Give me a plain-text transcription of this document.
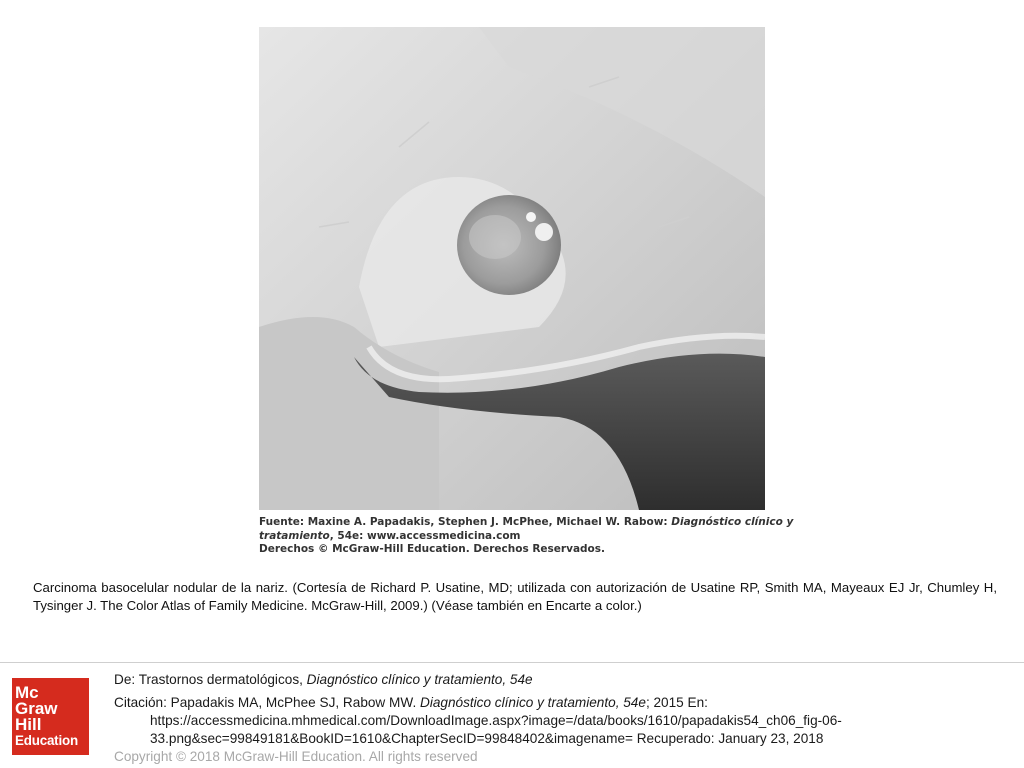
Fuente: Maxine A. Papadakis, Stephen J. McPhee, Michael W. Rabow: Diagnóstico clínico y
tratamiento, 54e: www.accessmedicina.com
Derechos © McGraw-Hill Education. Derechos Reservados.
Carcinoma basocelular nodular de la nariz. (Cortesía de Richard P. Usatine, MD; utilizada con autorización de Usatine RP, Smith MA, Mayeaux EJ Jr, Chumley H, Tysinger J. The Color Atlas of Family Medicine. McGraw-Hill, 2009.) (Véase también en Encarte a color.)
Mc
Graw
Hill
Education
De: Trastornos dermatológicos, Diagnóstico clínico y tratamiento, 54e
Citación: Papadakis MA, McPhee SJ, Rabow MW. Diagnóstico clínico y tratamiento, 54e; 2015 En:
https://accessmedicina.mhmedical.com/DownloadImage.aspx?image=/data/books/1610/papadakis54_ch06_fig-06-
33.png&sec=99849181&BookID=1610&ChapterSecID=99848402&imagename= Recuperado: January 23, 2018
Copyright © 2018 McGraw-Hill Education. All rights reserved
